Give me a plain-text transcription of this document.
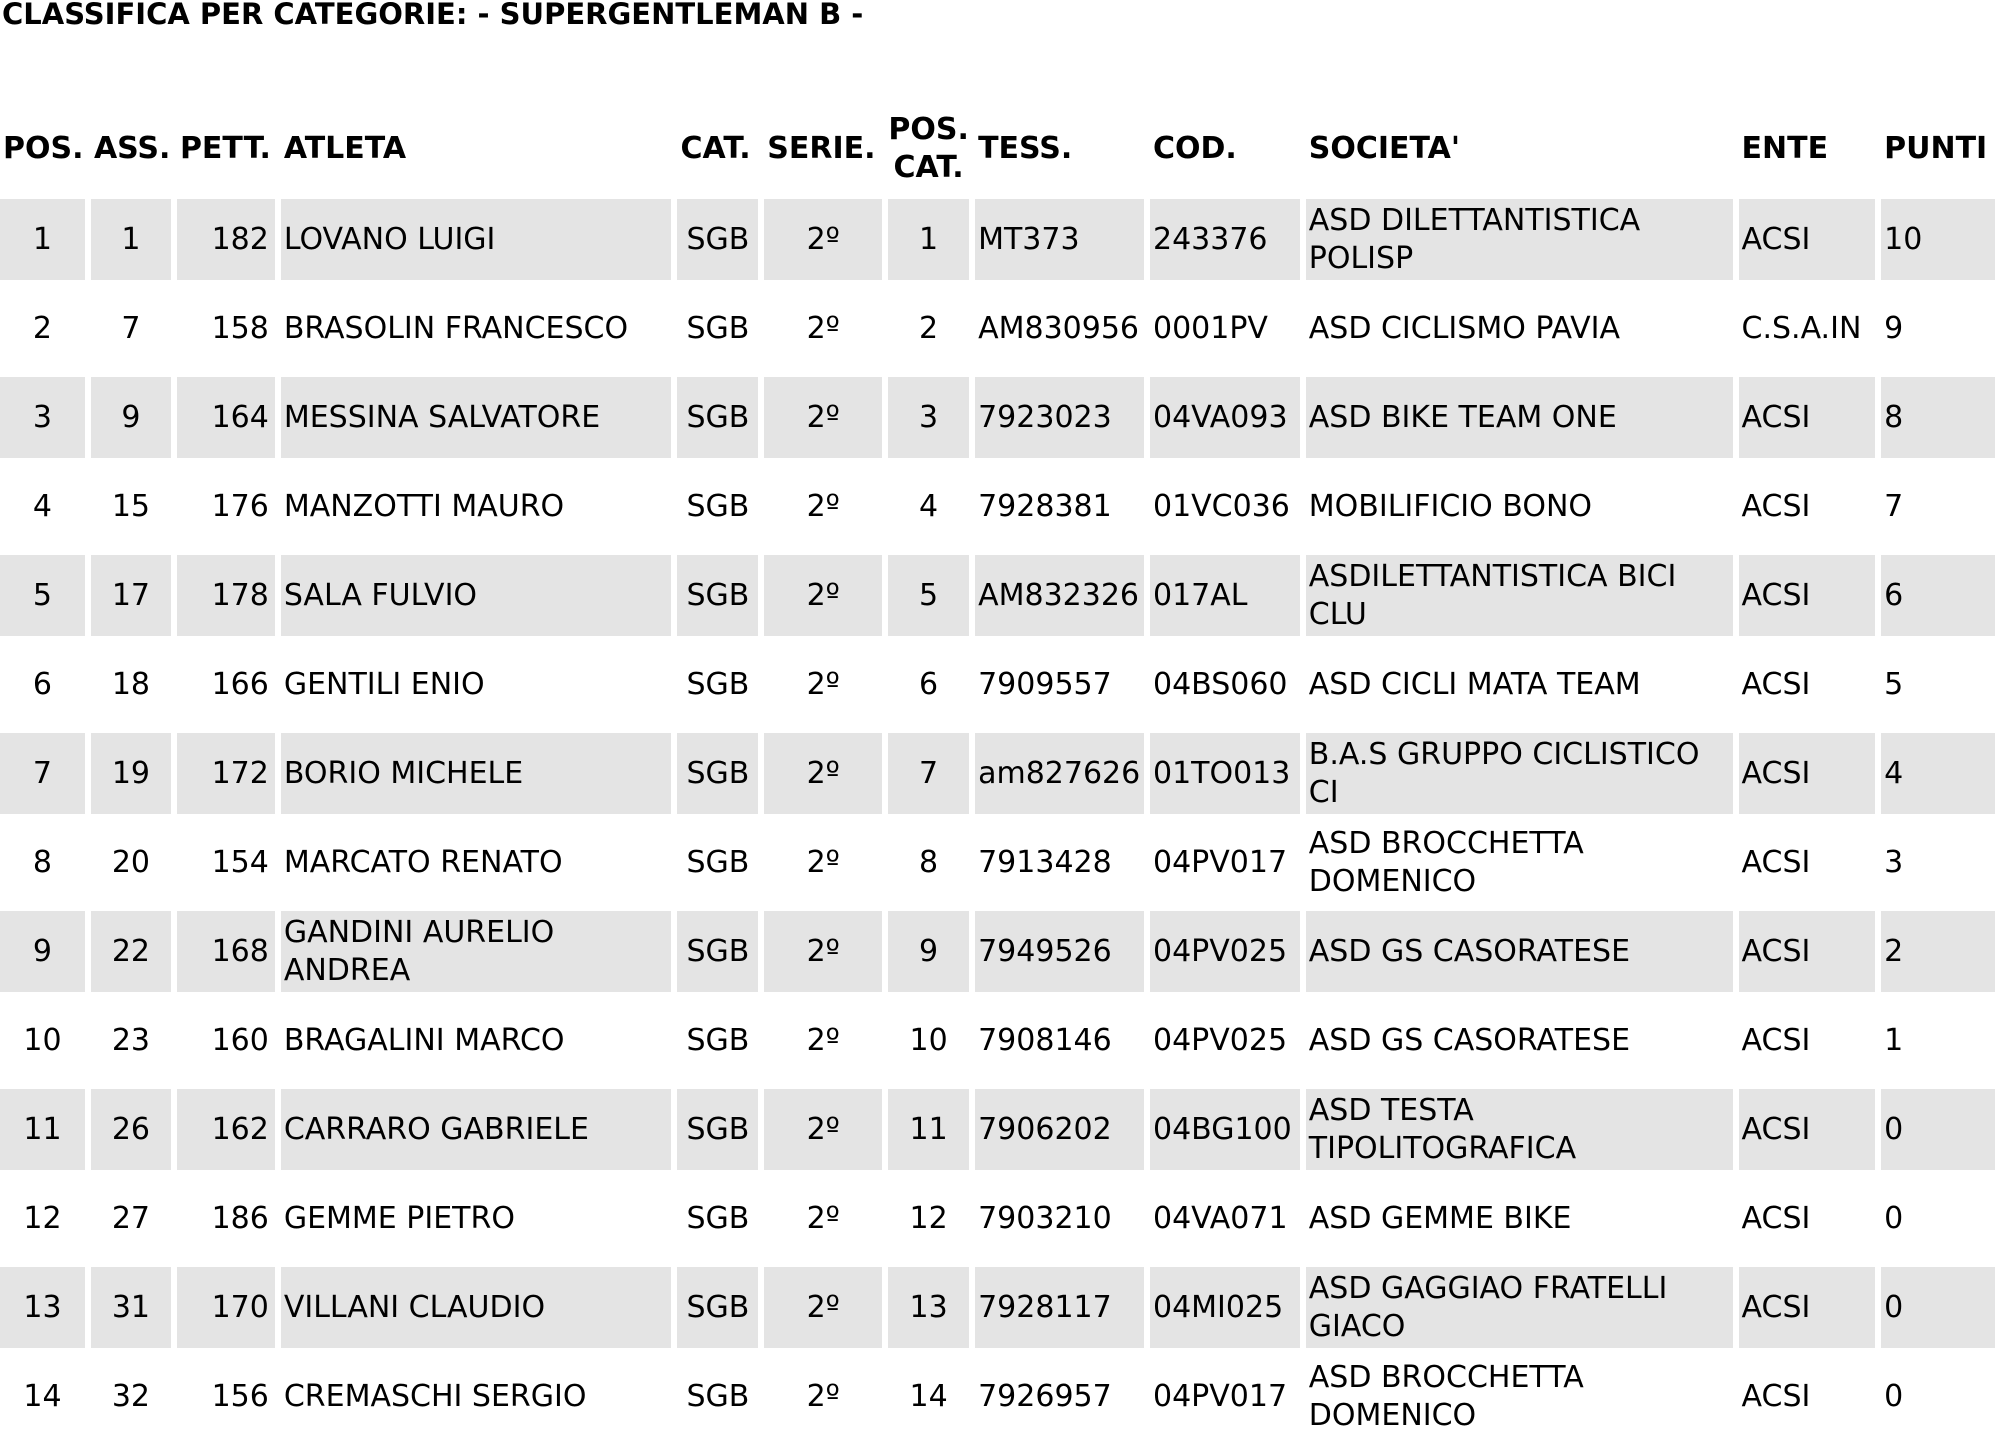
CLASSIFICA PER CATEGORIE: - SUPERGENTLEMAN B -
POS.	ASS.	PETT.	ATLETA	CAT.	SERIE.	POS. CAT.	TESS.	COD.	SOCIETA'	ENTE	PUNTI
1	1	182	LOVANO LUIGI	SGB	2º	1	MT373	243376	ASD DILETTANTISTICA POLISP	ACSI	10
2	7	158	BRASOLIN FRANCESCO	SGB	2º	2	AM830956	0001PV	ASD CICLISMO PAVIA	C.S.A.IN	9
3	9	164	MESSINA SALVATORE	SGB	2º	3	7923023	04VA093	ASD BIKE TEAM ONE	ACSI	8
4	15	176	MANZOTTI MAURO	SGB	2º	4	7928381	01VC036	MOBILIFICIO BONO	ACSI	7
5	17	178	SALA FULVIO	SGB	2º	5	AM832326	017AL	ASDILETTANTISTICA BICI CLU	ACSI	6
6	18	166	GENTILI ENIO	SGB	2º	6	7909557	04BS060	ASD CICLI MATA TEAM	ACSI	5
7	19	172	BORIO MICHELE	SGB	2º	7	am827626	01TO013	B.A.S GRUPPO CICLISTICO CI	ACSI	4
8	20	154	MARCATO RENATO	SGB	2º	8	7913428	04PV017	ASD BROCCHETTA DOMENICO	ACSI	3
9	22	168	GANDINI AURELIO ANDREA	SGB	2º	9	7949526	04PV025	ASD GS CASORATESE	ACSI	2
10	23	160	BRAGALINI MARCO	SGB	2º	10	7908146	04PV025	ASD GS CASORATESE	ACSI	1
11	26	162	CARRARO GABRIELE	SGB	2º	11	7906202	04BG100	ASD TESTA TIPOLITOGRAFICA	ACSI	0
12	27	186	GEMME PIETRO	SGB	2º	12	7903210	04VA071	ASD GEMME BIKE	ACSI	0
13	31	170	VILLANI CLAUDIO	SGB	2º	13	7928117	04MI025	ASD GAGGIAO FRATELLI GIACO	ACSI	0
14	32	156	CREMASCHI SERGIO	SGB	2º	14	7926957	04PV017	ASD BROCCHETTA DOMENICO	ACSI	0
